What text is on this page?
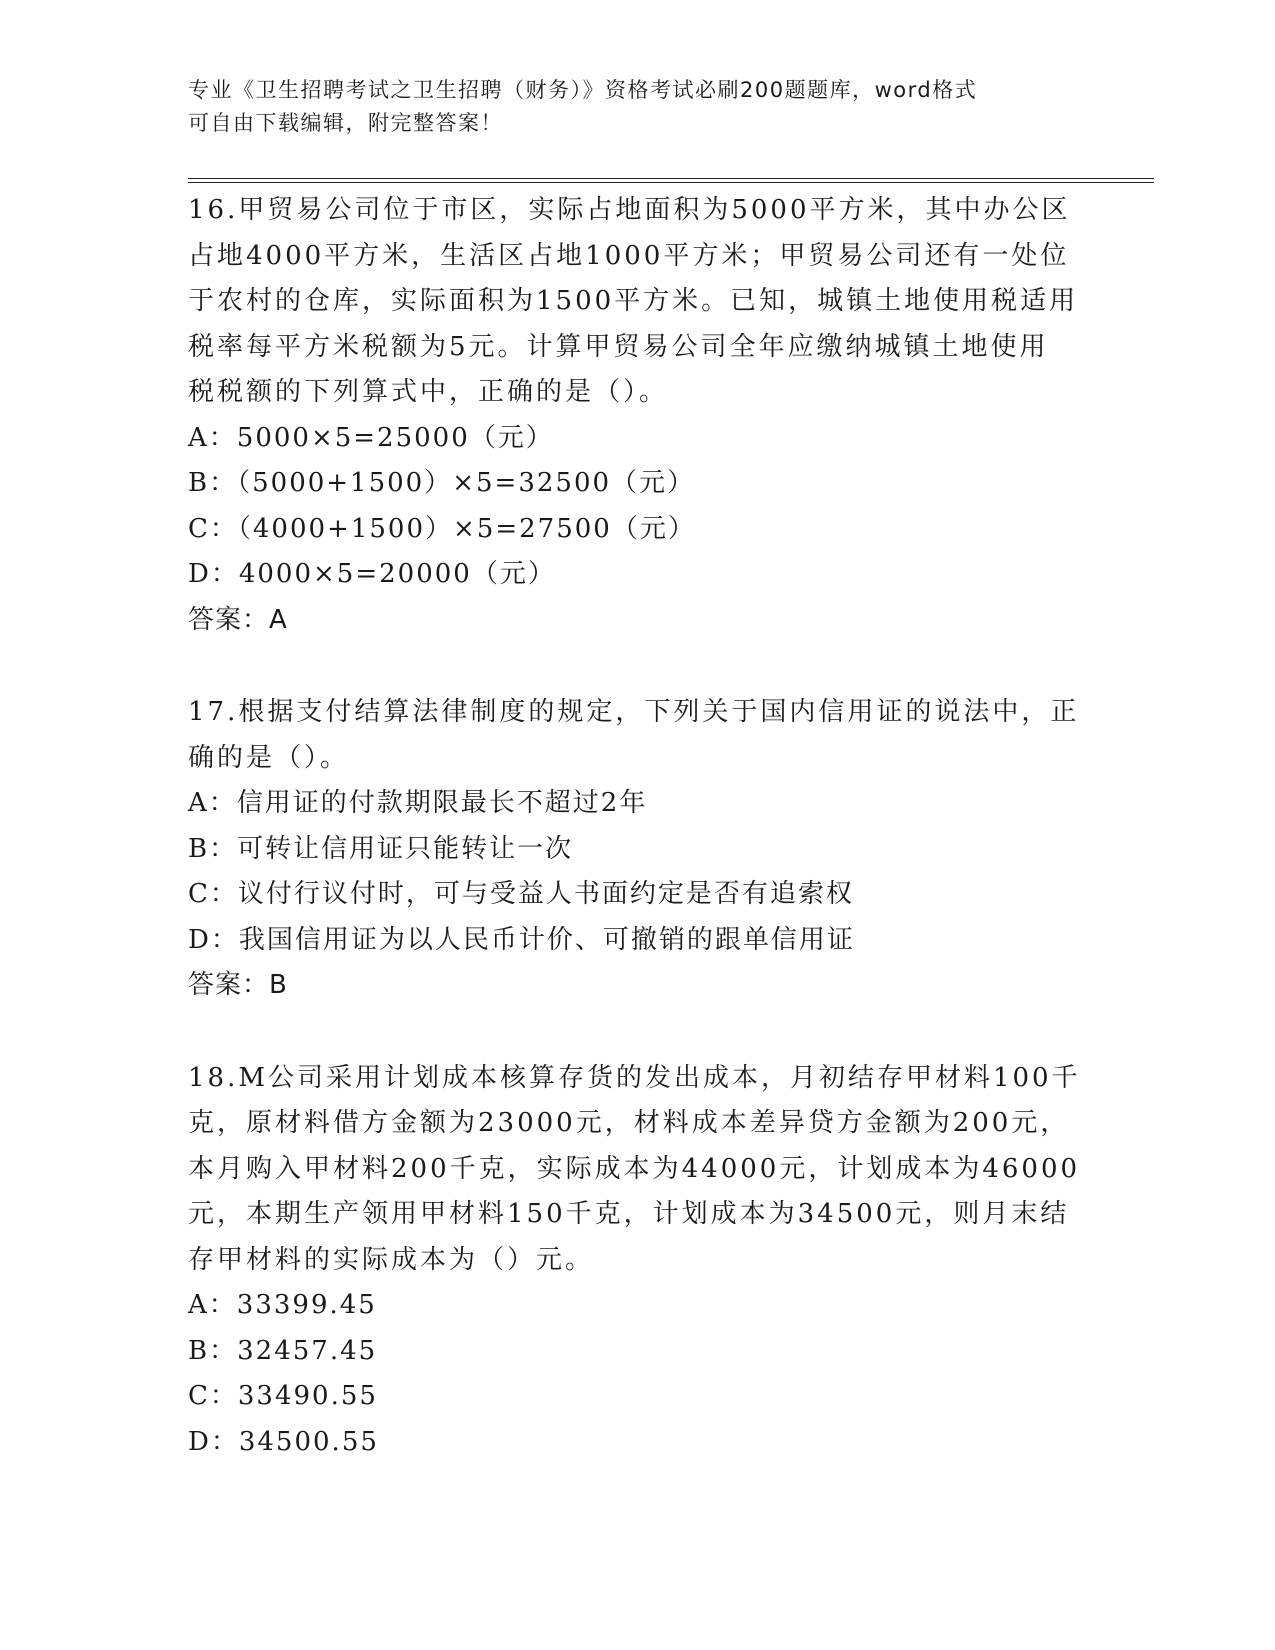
专业《卫生招聘考试之卫生招聘（财务）》资格考试必刷200题题库，word格式
可自由下载编辑，附完整答案！

16.甲贸易公司位于市区，实际占地面积为5000平方米，其中办公区

占地4000平方米，生活区占地1000平方米；甲贸易公司还有一处位

于农村的仓库，实际面积为1500平方米。已知，城镇土地使用税适用

税率每平方米税额为5元。计算甲贸易公司全年应缴纳城镇土地使用

税税额的下列算式中，正确的是（）。

A：5000×5=25000（元）

B：（5000+1500）×5=32500（元）

C：（4000+1500）×5=27500（元）

D：4000×5=20000（元）

答案：A

17.根据支付结算法律制度的规定，下列关于国内信用证的说法中，正

确的是（）。

A：信用证的付款期限最长不超过2年

B：可转让信用证只能转让一次

C：议付行议付时，可与受益人书面约定是否有追索权

D：我国信用证为以人民币计价、可撤销的跟单信用证

答案：B

18.M公司采用计划成本核算存货的发出成本，月初结存甲材料100千

克，原材料借方金额为23000元，材料成本差异贷方金额为200元，

本月购入甲材料200千克，实际成本为44000元，计划成本为46000

元，本期生产领用甲材料150千克，计划成本为34500元，则月末结

存甲材料的实际成本为（）元。

A：33399.45

B：32457.45

C：33490.55

D：34500.55
